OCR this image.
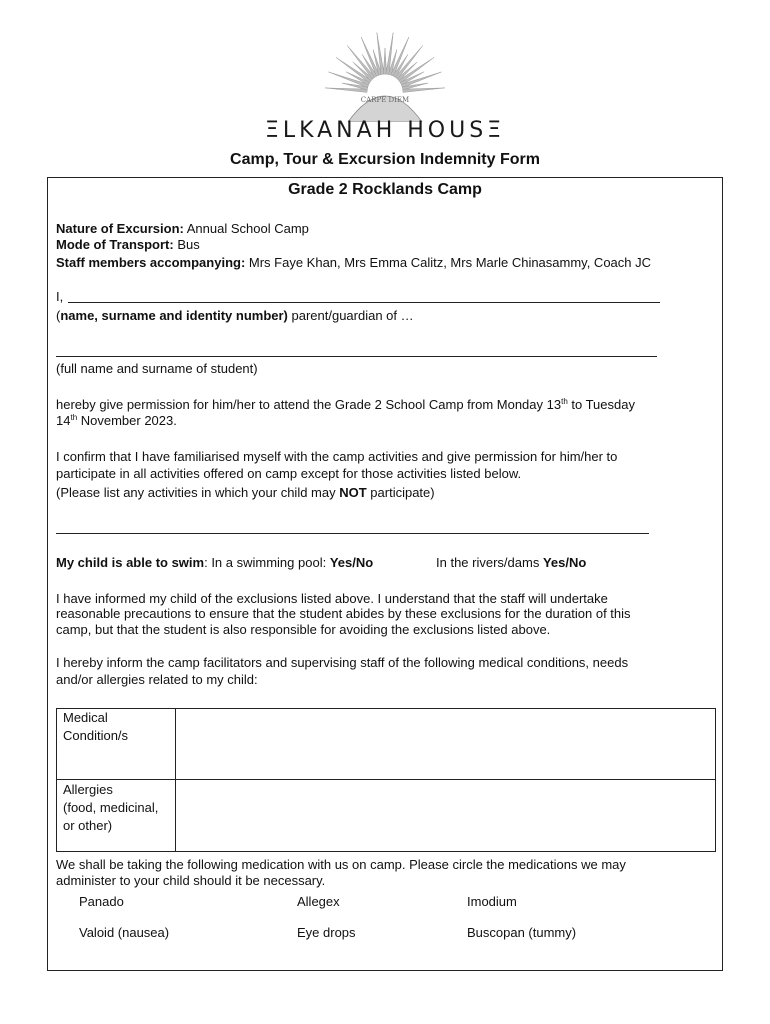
CARPE DIEM
ΞLKANAH HOUSΞ
Camp, Tour & Excursion Indemnity Form
Grade 2 Rocklands Camp
Nature of Excursion: Annual School Camp
Mode of Transport: Bus
Staff members accompanying: Mrs Faye Khan, Mrs Emma Calitz, Mrs Marle Chinasammy, Coach JC
I,
(name, surname and identity number) parent/guardian of …
(full name and surname of student)
hereby give permission for him/her to attend the Grade 2 School Camp from Monday 13th to Tuesday
14th November 2023.
I confirm that I have familiarised myself with the camp activities and give permission for him/her to
participate in all activities offered on camp except for those activities listed below.
(Please list any activities in which your child may NOT participate)
My child is able to swim: In a swimming pool: Yes/No	In the rivers/dams Yes/No
I have informed my child of the exclusions listed above. I understand that the staff will undertake
reasonable precautions to ensure that the student abides by these exclusions for the duration of this
camp, but that the student is also responsible for avoiding the exclusions listed above.
I hereby inform the camp facilitators and supervising staff of the following medical conditions, needs
and/or allergies related to my child:
Medical
Condition/s
Allergies
(food, medicinal,
or other)
We shall be taking the following medication with us on camp. Please circle the medications we may
administer to your child should it be necessary.
Panado	Allegex	Imodium
Valoid (nausea)	Eye drops	Buscopan (tummy)
